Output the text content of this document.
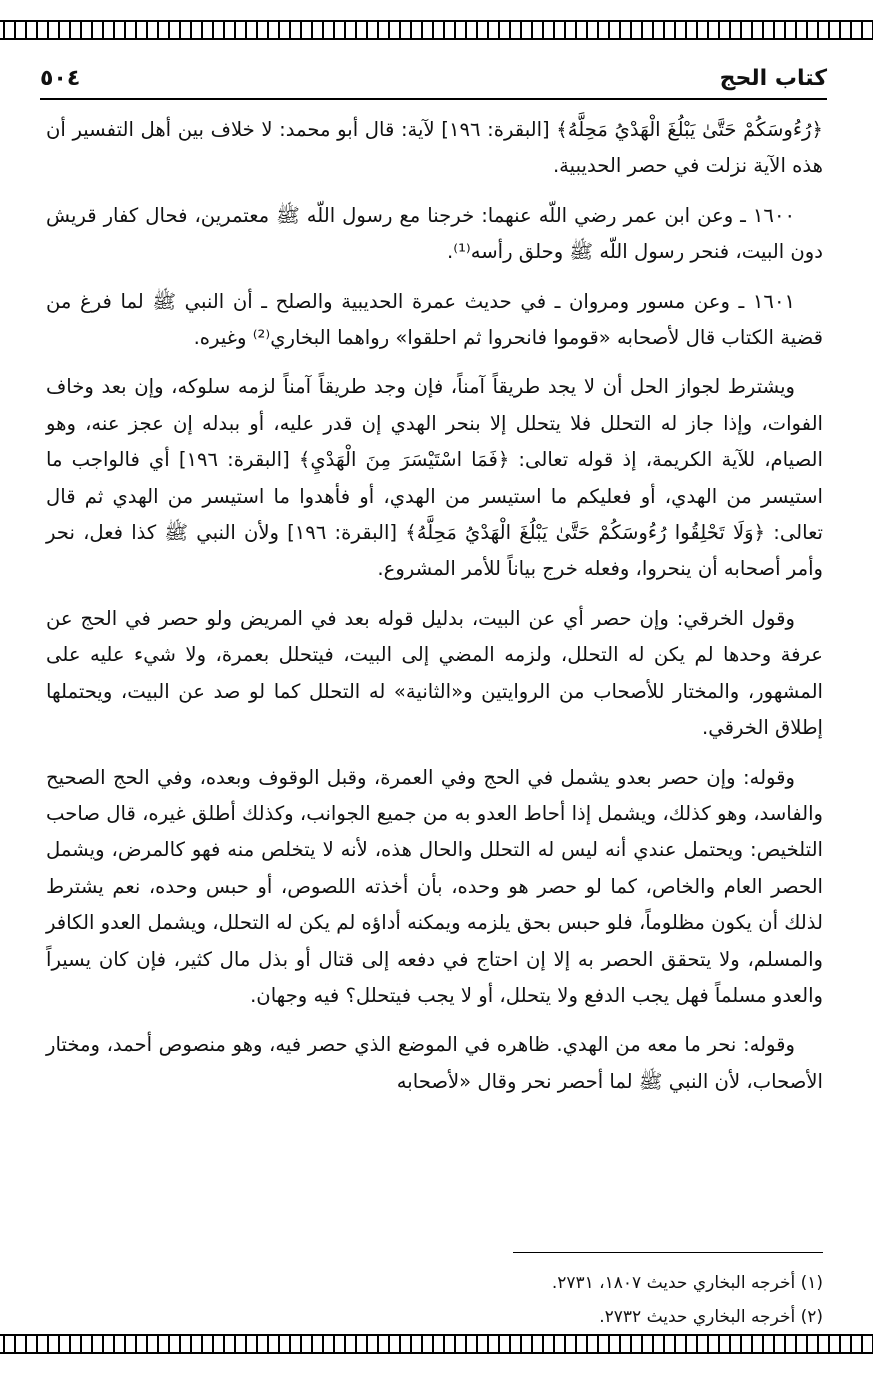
كتاب الحج
٥٠٤

﴿رُءُوسَكُمْ حَتَّىٰ يَبْلُغَ الْهَدْيُ مَحِلَّهُ﴾ [البقرة: ١٩٦] لآية: قال أبو محمد: لا خلاف بين أهل التفسير أن هذه الآية نزلت في حصر الحديبية.

١٦٠٠ ـ وعن ابن عمر رضي اللّه عنهما: خرجنا مع رسول اللّه ﷺ معتمرين، فحال كفار قريش دون البيت، فنحر رسول اللّه ﷺ وحلق رأسه⁽¹⁾.

١٦٠١ ـ وعن مسور ومروان ـ في حديث عمرة الحديبية والصلح ـ أن النبي ﷺ لما فرغ من قضية الكتاب قال لأصحابه «قوموا فانحروا ثم احلقوا» رواهما البخاري⁽²⁾ وغيره.

ويشترط لجواز الحل أن لا يجد طريقاً آمناً، فإن وجد طريقاً آمناً لزمه سلوكه، وإن بعد وخاف الفوات، وإذا جاز له التحلل فلا يتحلل إلا بنحر الهدي إن قدر عليه، أو ببدله إن عجز عنه، وهو الصيام، للآية الكريمة، إذ قوله تعالى: ﴿فَمَا اسْتَيْسَرَ مِنَ الْهَدْيِ﴾ [البقرة: ١٩٦] أي فالواجب ما استيسر من الهدي، أو فعليكم ما استيسر من الهدي، أو فأهدوا ما استيسر من الهدي ثم قال تعالى: ﴿وَلَا تَحْلِقُوا رُءُوسَكُمْ حَتَّىٰ يَبْلُغَ الْهَدْيُ مَحِلَّهُ﴾ [البقرة: ١٩٦] ولأن النبي ﷺ كذا فعل، نحر وأمر أصحابه أن ينحروا، وفعله خرج بياناً للأمر المشروع.

وقول الخرقي: وإن حصر أي عن البيت، بدليل قوله بعد في المريض ولو حصر في الحج عن عرفة وحدها لم يكن له التحلل، ولزمه المضي إلى البيت، فيتحلل بعمرة، ولا شيء عليه على المشهور، والمختار للأصحاب من الروايتين و«الثانية» له التحلل كما لو صد عن البيت، ويحتملها إطلاق الخرقي.

وقوله: وإن حصر بعدو يشمل في الحج وفي العمرة، وقبل الوقوف وبعده، وفي الحج الصحيح والفاسد، وهو كذلك، ويشمل إذا أحاط العدو به من جميع الجوانب، وكذلك أطلق غيره، قال صاحب التلخيص: ويحتمل عندي أنه ليس له التحلل والحال هذه، لأنه لا يتخلص منه فهو كالمرض، ويشمل الحصر العام والخاص، كما لو حصر هو وحده، بأن أخذته اللصوص، أو حبس وحده، نعم يشترط لذلك أن يكون مظلوماً، فلو حبس بحق يلزمه ويمكنه أداؤه لم يكن له التحلل، ويشمل العدو الكافر والمسلم، ولا يتحقق الحصر به إلا إن احتاج في دفعه إلى قتال أو بذل مال كثير، فإن كان يسيراً والعدو مسلماً فهل يجب الدفع ولا يتحلل، أو لا يجب فيتحلل؟ فيه وجهان.

وقوله: نحر ما معه من الهدي. ظاهره في الموضع الذي حصر فيه، وهو منصوص أحمد، ومختار الأصحاب، لأن النبي ﷺ لما أحصر نحر وقال «لأصحابه

(١) أخرجه البخاري حديث ١٨٠٧، ٢٧٣١.
(٢) أخرجه البخاري حديث ٢٧٣٢.
